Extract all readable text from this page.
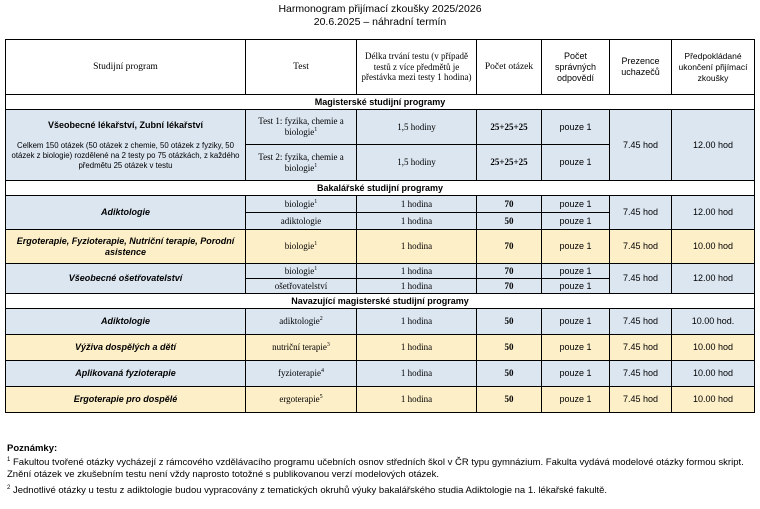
Harmonogram přijímací zkoušky 2025/2026
20.6.2025 – náhradní termín
Studijní program	Test	Délka trvání testu (v případě testů z více předmětů je přestávka mezi testy 1 hodina)	Počet otázek	Počet správných odpovědí	Prezence uchazečů	Předpokládané ukončení přijímací zkoušky
Magisterské studijní programy						
Všeobecné lékařství, Zubní lékařství
Celkem 150 otázek (50 otázek z chemie, 50 otázek z fyziky, 50 otázek z biologie) rozdělené na 2 testy po 75 otázkách, z každého předmětu 25 otázek v testu	Test 1: fyzika, chemie a biologie$^1$	1,5 hodiny	25+25+25	pouze 1	7.45 hod	12.00 hod
	Test 2: fyzika, chemie a biologie$^1$	1,5 hodiny	25+25+25	pouze 1		
Bakalářské studijní programy						
Adiktologie	biologie$^1$	1 hodina	70	pouze 1	7.45 hod	12.00 hod
	adiktologie	1 hodina	50	pouze 1		
Ergoterapie, Fyzioterapie, Nutriční terapie, Porodní asistence	biologie$^1$	1 hodina	70	pouze 1	7.45 hod	10.00 hod
Všeobecné ošetřovatelství	biologie$^1$	1 hodina	70	pouze 1	7.45 hod	12.00 hod
	ošetřovatelství	1 hodina	70	pouze 1		
Navazující magisterské studijní programy						
Adiktologie	adiktologie$^2$	1 hodina	50	pouze 1	7.45 hod	10.00 hod.
Výživa dospělých a dětí	nutriční terapie$^3$	1 hodina	50	pouze 1	7.45 hod	10.00 hod
Aplikovaná fyzioterapie	fyzioterapie$^4$	1 hodina	50	pouze 1	7.45 hod	10.00 hod
Ergoterapie pro dospělé	ergoterapie$^5$	1 hodina	50	pouze 1	7.45 hod	10.00 hod

Poznámky:

$^1$ Fakultou tvořené otázky vycházejí z rámcového vzdělávacího programu učebních osnov středních škol v ČR typu gymnázium. Fakulta vydává modelové otázky formou skript. Znění otázek ve zkušebním testu není vždy naprosto totožné s publikovanou verzí modelových otázek.

$^2$ Jednotlivé otázky u testu z adiktologie budou vypracovány z tematických okruhů výuky bakalářského studia Adiktologie na 1. lékařské fakultě.
